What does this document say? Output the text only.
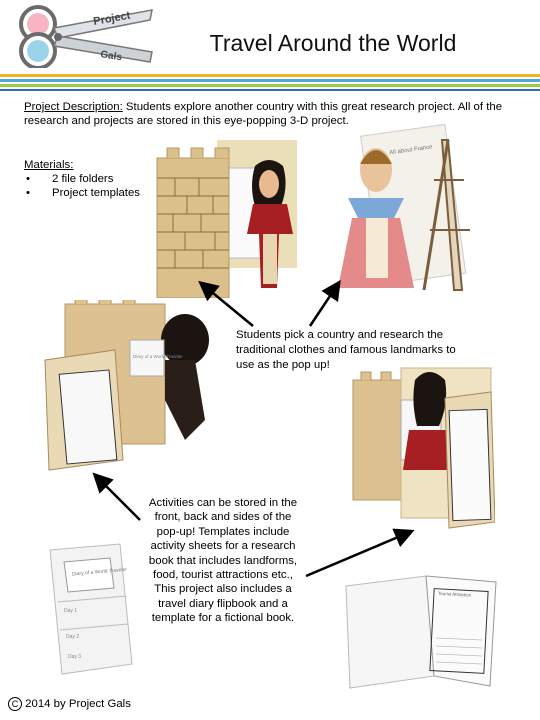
Project
Gals
Travel Around the World
Project Description: Students explore another country with this great research project. All of the research and projects are stored in this eye-popping 3-D project.
Materials:
• 2 file folders
• Project templates
All about France
Diary of a World Traveler
Diary of a World Traveler
Day 1
Day 2
Day 3
Tourist Attraction
Students pick a country and research the traditional clothes and famous landmarks to use as the pop up!
Activities can be stored in the front, back and sides of the pop-up! Templates include activity sheets for a research book that includes landforms, food, tourist attractions etc., This project also includes a travel diary flipbook and a template for a fictional book.
C 2014 by Project Gals
